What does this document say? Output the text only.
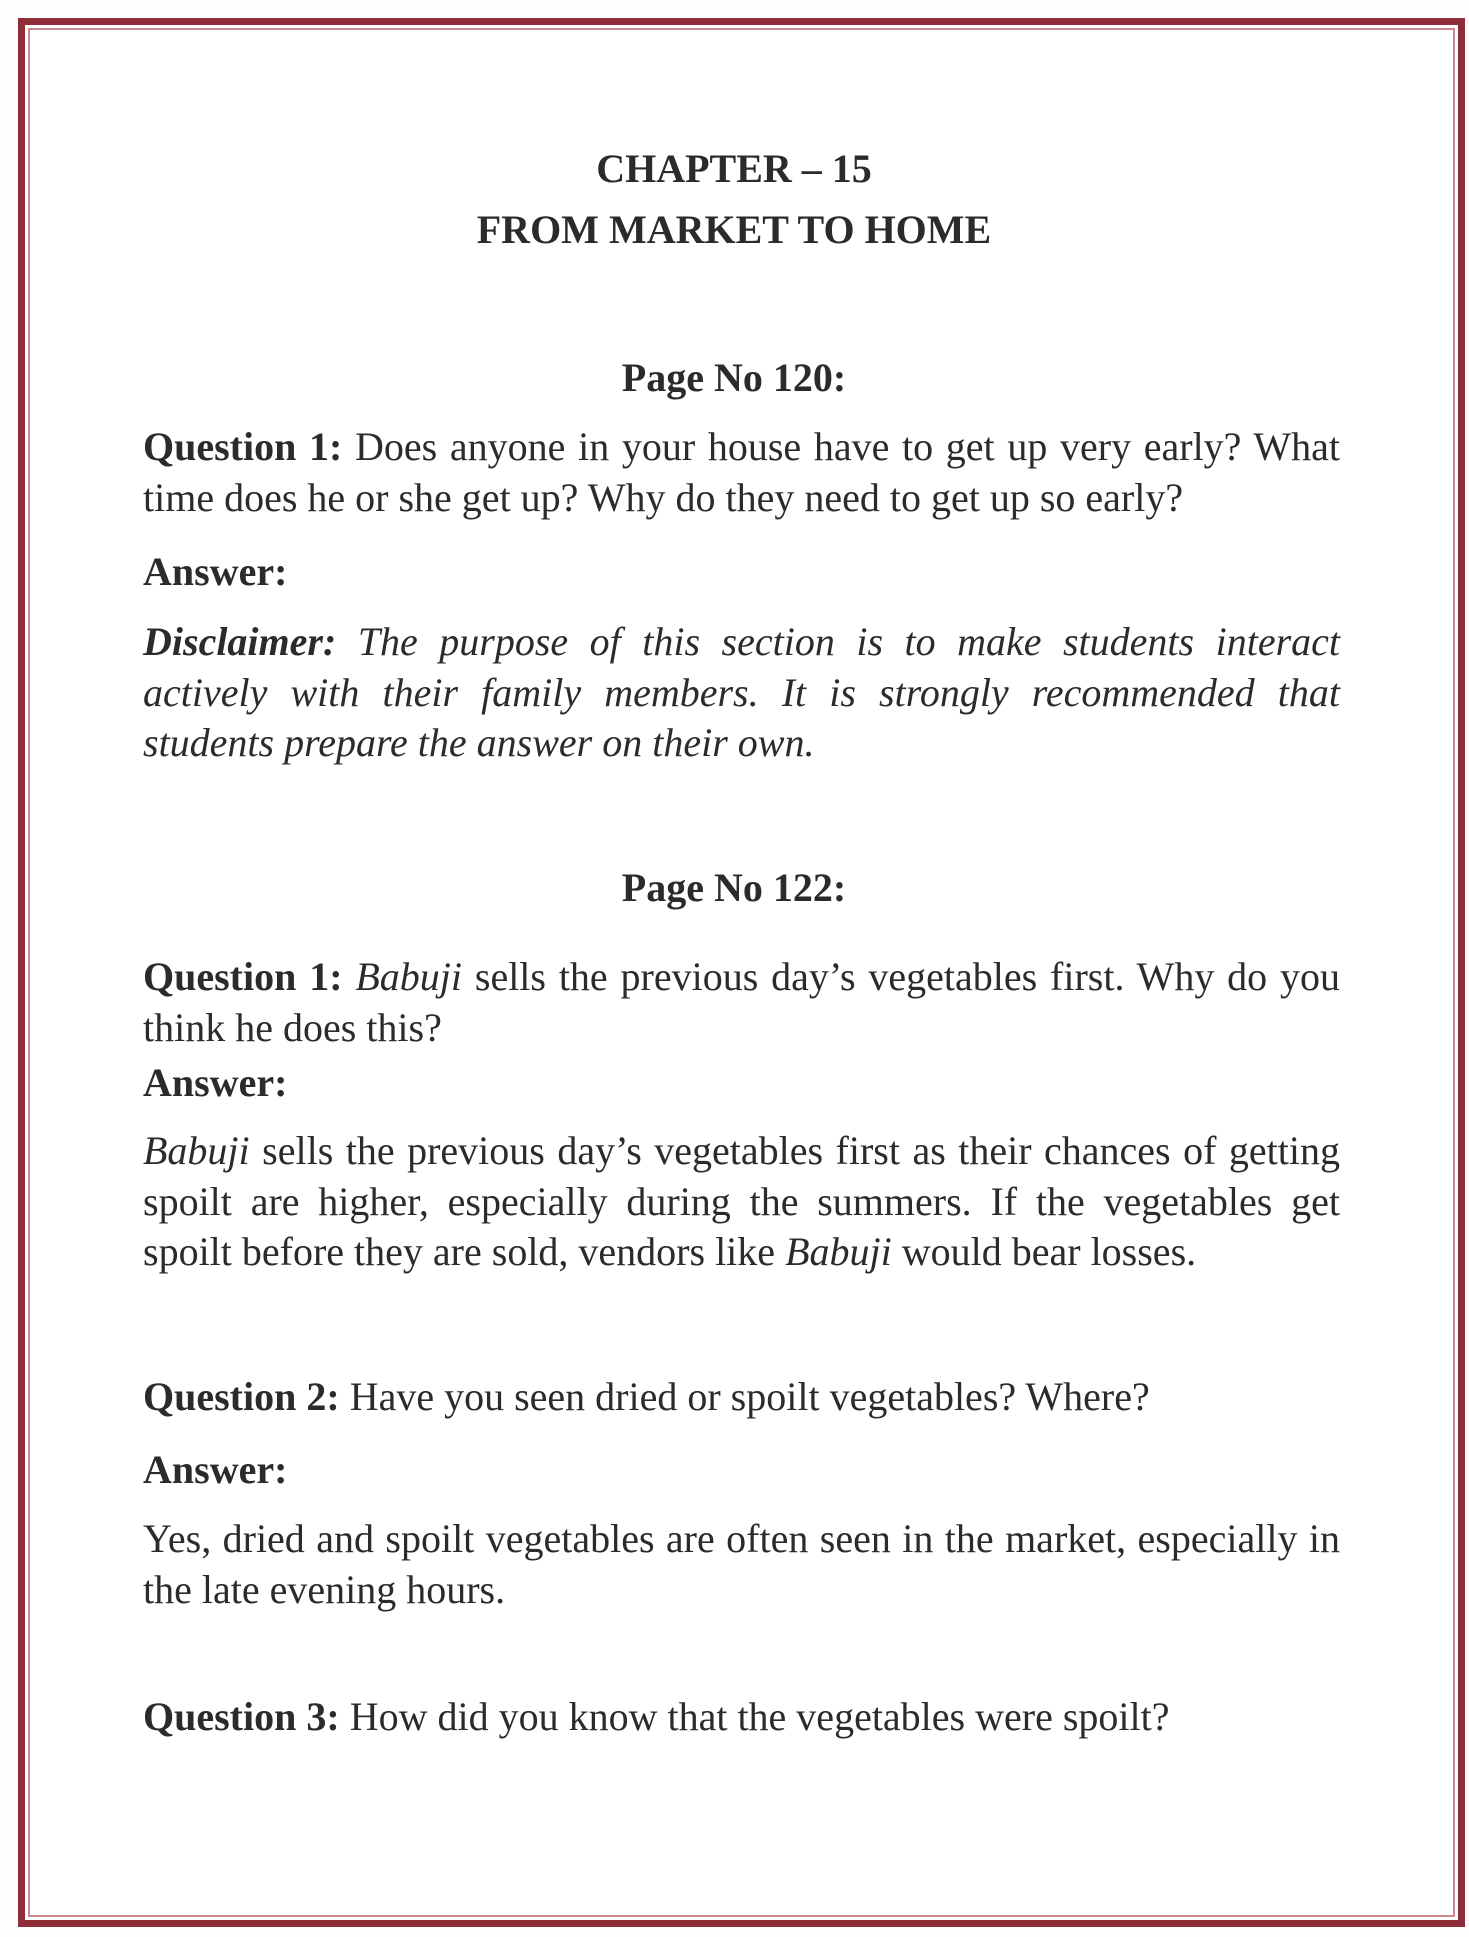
CHAPTER – 15
FROM MARKET TO HOME
Page No 120:
Question 1: Does anyone in your house have to get up very early? What
time does he or she get up? Why do they need to get up so early?
Answer:
Disclaimer: The purpose of this section is to make students interact
actively with their family members. It is strongly recommended that
students prepare the answer on their own.
Page No 122:
Question 1: Babuji sells the previous day’s vegetables first. Why do you
think he does this?
Answer:
Babuji sells the previous day’s vegetables first as their chances of getting
spoilt are higher, especially during the summers. If the vegetables get
spoilt before they are sold, vendors like Babuji would bear losses.
Question 2: Have you seen dried or spoilt vegetables? Where?
Answer:
Yes, dried and spoilt vegetables are often seen in the market, especially in
the late evening hours.
Question 3: How did you know that the vegetables were spoilt?
